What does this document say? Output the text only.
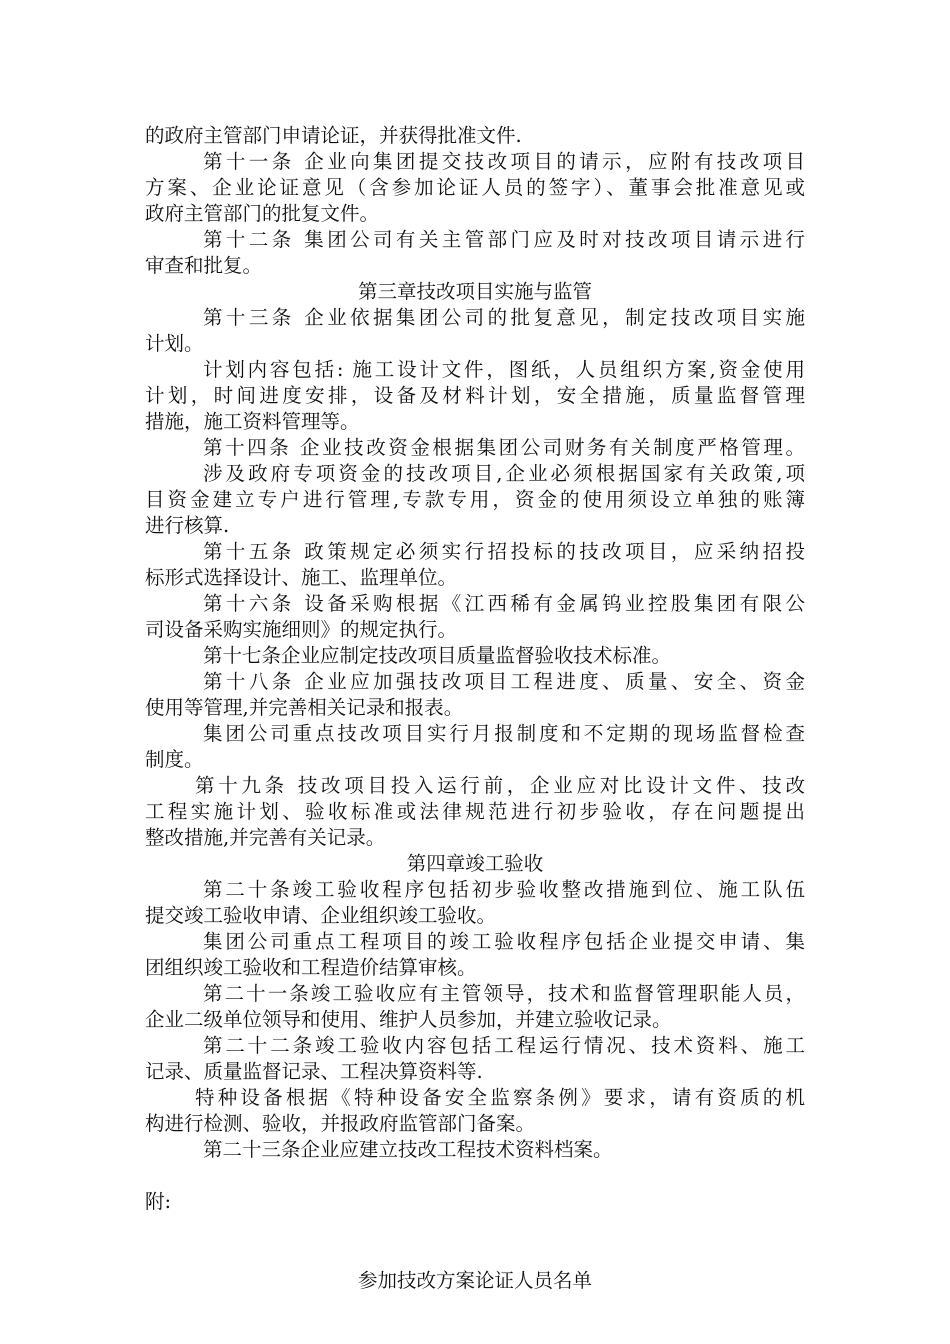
的政府主管部门申请论证，并获得批准文件.
第十一条 企业向集团提交技改项目的请示，应附有技改项目
方案、企业论证意见（含参加论证人员的签字）、董事会批准意见或
政府主管部门的批复文件。
第十二条 集团公司有关主管部门应及时对技改项目请示进行
审查和批复。
第三章技改项目实施与监管
第十三条 企业依据集团公司的批复意见，制定技改项目实施
计划。
计划内容包括: 施工设计文件，图纸，人员组织方案,资金使用
计划，时间进度安排，设备及材料计划，安全措施，质量监督管理
措施，施工资料管理等。
第十四条 企业技改资金根据集团公司财务有关制度严格管理。
涉及政府专项资金的技改项目,企业必须根据国家有关政策,项
目资金建立专户进行管理,专款专用，资金的使用须设立单独的账簿
进行核算.
第十五条 政策规定必须实行招投标的技改项目，应采纳招投
标形式选择设计、施工、监理单位。
第十六条 设备采购根据《江西稀有金属钨业控股集团有限公
司设备采购实施细则》的规定执行。
第十七条企业应制定技改项目质量监督验收技术标准。
第十八条 企业应加强技改项目工程进度、质量、安全、资金
使用等管理,并完善相关记录和报表。
集团公司重点技改项目实行月报制度和不定期的现场监督检查
制度。
第十九条 技改项目投入运行前，企业应对比设计文件、技改
工程实施计划、验收标准或法律规范进行初步验收，存在问题提出
整改措施,并完善有关记录。
第四章竣工验收
第二十条竣工验收程序包括初步验收整改措施到位、施工队伍
提交竣工验收申请、企业组织竣工验收。
集团公司重点工程项目的竣工验收程序包括企业提交申请、集
团组织竣工验收和工程造价结算审核。
第二十一条竣工验收应有主管领导，技术和监督管理职能人员，
企业二级单位领导和使用、维护人员参加，并建立验收记录。
第二十二条竣工验收内容包括工程运行情况、技术资料、施工
记录、质量监督记录、工程决算资料等.
特种设备根据《特种设备安全监察条例》要求，请有资质的机
构进行检测、验收，并报政府监管部门备案。
第二十三条企业应建立技改工程技术资料档案。
附:
参加技改方案论证人员名单
